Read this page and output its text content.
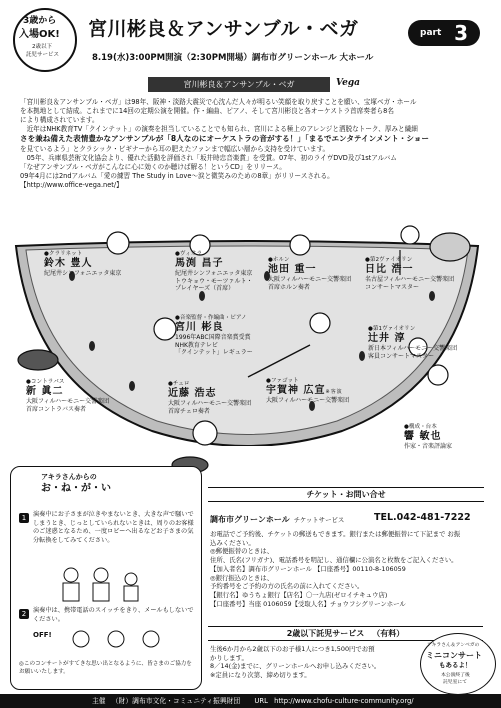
3歳から
入場OK!
2歳以下
託児サービス
宮川彬良＆アンサンブル・ベガ	part 3
8.19(水)3:00PM開演（2:30PM開場）調布市グリーンホール 大ホール
宮川彬良＆アンサンブル・ベガ	Vega
「宮川彬良＆アンサンブル・ベガ」は98年、阪神・淡路大震災で心沈んだ人々が明るい笑顔を取り戻すことを願い、宝塚ベガ・ホール
を本拠地として結成。これまでに14回の定期公演を開催。作・編曲、ピアノ、そして宮川彬良と各オーケストラ首席奏者ら8名
により構成されています。
　近年はNHK教育TV「クインテット」の演奏を担当していることでも知られ、宮川による極上のアレンジと洒脱なトーク、厚みと繊細
さを兼ね備えた表情豊かなアンサンブルが「8人なのにオーケストラの音がする！」「まるでエンタテインメント・ショー
を見ているよう」とクラシック・ビギナーから耳の肥えたファンまで幅広い層から支持を受けています。
　05年、兵庫県芸術文化協会より、優れた活動を評価され「坂井時忠音楽賞」を受賞。07年、初のライヴDVD及び1stアルバム
「なぜアンサンブル・ベガがこんなに心に効くのか聴けば解る！というCD」をリリース。
09年4月には2ndアルバム「愛の練習 The Study in Love〜涙と微笑みのための8章」がリリースされる。
【http://www.office-vega.net/】
●クラリネット
鈴木 豊人
紀尾井シンフォニエッタ東京
●ヴィオラ
馬渕 昌子
紀尾井シンフォニエッタ東京
トウキョウ・モーツァルト・
プレイヤーズ（首席）
●ホルン
池田 重一
大阪フィルハーモニー交響楽団
首席ホルン奏者
●第2ヴァイオリン
日比 浩一
名古屋フィルハーモニー交響楽団
コンサートマスター
●音楽監督・作編曲・ピアノ
宮川 彬良
1996年ABC国際音楽賞受賞
NHK教育テレビ
「クインテット」レギュラー
●第1ヴァイオリン
辻井 淳
新日本フィルハーモニー交響楽団
客員コンサートマスター
●ファゴット
宇賀神 広宣※客演
大阪フィルハーモニー交響楽団
●コントラバス
新 眞二
大阪フィルハーモニー交響楽団
首席コントラバス奏者
●チェロ
近藤 浩志
大阪フィルハーモニー交響楽団
首席チェロ奏者
●構成・台本
響 敏也
作家・音楽評論家
アキラさんからの
お・ね・が・い
1	演奏中にお子さまが泣きやまないとき、大きな声で騒いでしまうとき、じっとしていられないときは、周りのお客様のご迷惑となるため、一度ロビーへ出るなどお子さまの気分転換をしてみてください。
2	演奏中は、携帯電話のスイッチをきり、メールもしないでください。
OFF!
◎このコンサートがすてきな思い出となるように、皆さまのご協力をお願いいたします。
チケット・お問い合せ
調布市グリーンホール チケットサービス	TEL.042-481-7222
お電話でご予約後、チケットの郵送もできます。銀行または郵便振替にて下記まで お振
込みください。
◎郵便振替のときは、
住所、氏名(フリガナ)、電話番号を明記し、通信欄に公演名と枚数をご記入ください。
【加入者名】調布市グリーンホール 【口座番号】00110-8-106059
◎銀行振込のときは、
予約番号をご予約の方の氏名の前に入れてください。
【銀行名】ゆうちょ銀行【店名】〇一九店(ゼロイチキュウ店)
【口座番号】当座 0106059【受取人名】チョウフシグリーンホール
2歳以下託児サービス （有料）
生後6か月から2歳以下のお子様1人につき1,500円でお預
かりします。
8／14(金)までに、グリーンホールへお申し込みください。
※定員になり次第、締め切ります。
アキラさん＆アンベガの
ミニコンサート
もあるよ！
本公演終了後
託児室にて
主催 （財）調布市文化・コミュニティ振興財団 URL http://www.chofu-culture-community.org/
